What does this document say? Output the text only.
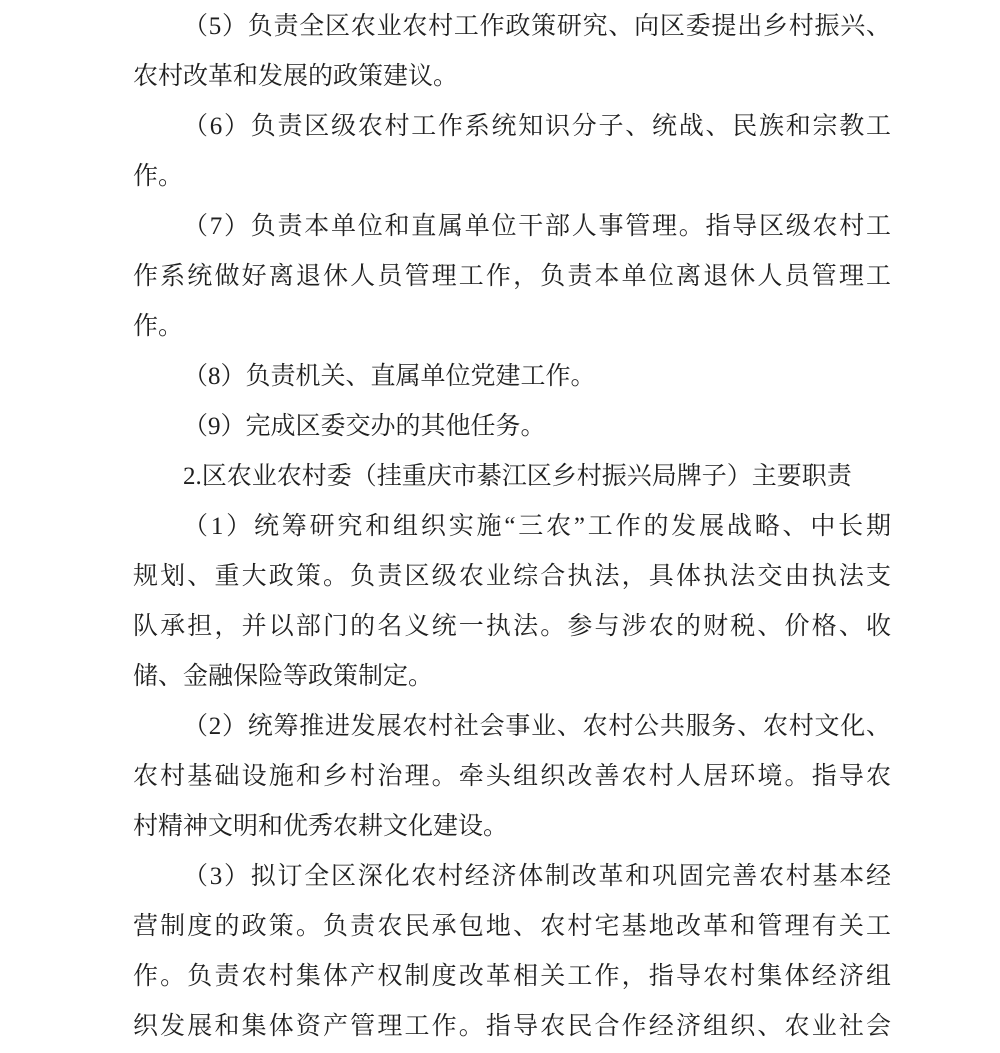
（5）负责全区农业农村工作政策研究、向区委提出乡村振兴、
农村改革和发展的政策建议。

（6）负责区级农村工作系统知识分子、统战、民族和宗教工
作。

（7）负责本单位和直属单位干部人事管理。指导区级农村工
作系统做好离退休人员管理工作，负责本单位离退休人员管理工
作。

（8）负责机关、直属单位党建工作。

（9）完成区委交办的其他任务。

2.区农业农村委（挂重庆市綦江区乡村振兴局牌子）主要职责

（1）统筹研究和组织实施“三农”工作的发展战略、中长期
规划、重大政策。负责区级农业综合执法，具体执法交由执法支
队承担，并以部门的名义统一执法。参与涉农的财税、价格、收
储、金融保险等政策制定。

（2）统筹推进发展农村社会事业、农村公共服务、农村文化、
农村基础设施和乡村治理。牵头组织改善农村人居环境。指导农
村精神文明和优秀农耕文化建设。

（3）拟订全区深化农村经济体制改革和巩固完善农村基本经
营制度的政策。负责农民承包地、农村宅基地改革和管理有关工
作。负责农村集体产权制度改革相关工作，指导农村集体经济组
织发展和集体资产管理工作。指导农民合作经济组织、农业社会
